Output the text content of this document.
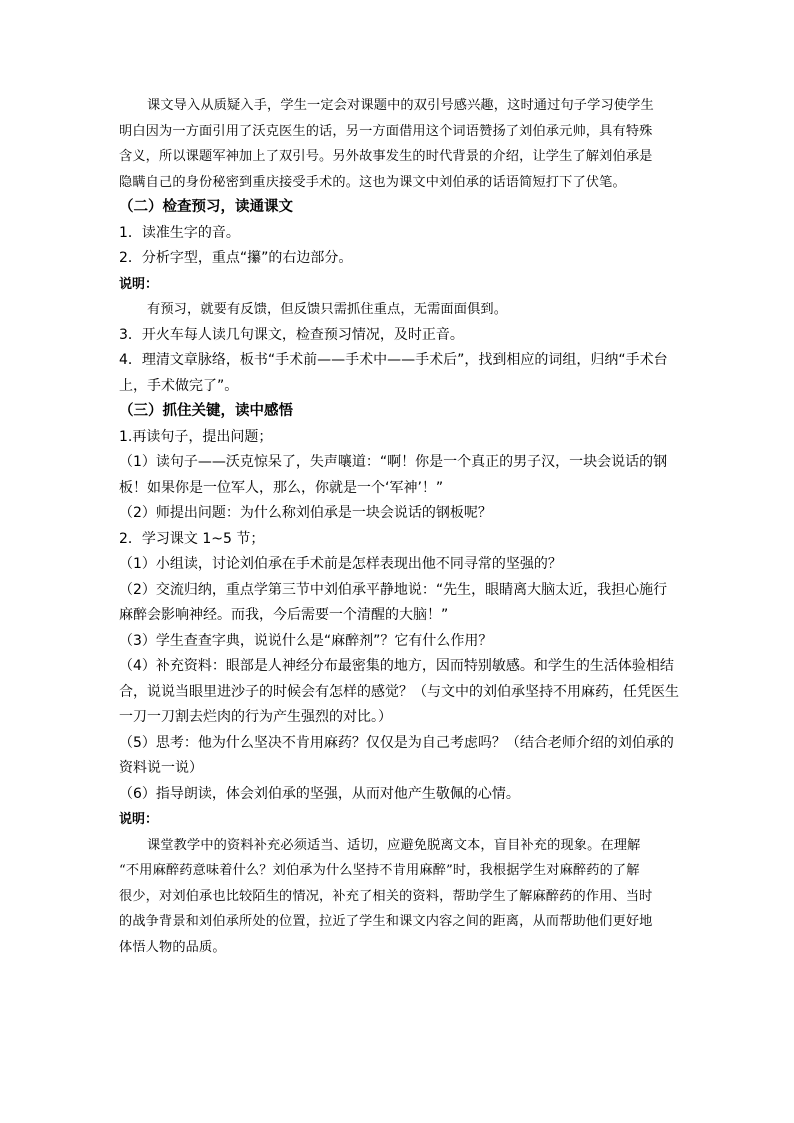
课文导入从质疑入手，学生一定会对课题中的双引号感兴趣，这时通过句子学习使学生
明白因为一方面引用了沃克医生的话，另一方面借用这个词语赞扬了刘伯承元帅，具有特殊
含义，所以课题军神加上了双引号。另外故事发生的时代背景的介绍，让学生了解刘伯承是
隐瞒自己的身份秘密到重庆接受手术的。这也为课文中刘伯承的话语简短打下了伏笔。
（二）检查预习，读通课文
1．读准生字的音。
2．分析字型，重点“攥”的右边部分。
说明：
有预习，就要有反馈，但反馈只需抓住重点，无需面面俱到。
3．开火车每人读几句课文，检查预习情况，及时正音。
4．理清文章脉络，板书“手术前——手术中——手术后”，找到相应的词组，归纳“手术台
上，手术做完了”。
（三）抓住关键，读中感悟
1.再读句子，提出问题；
（1）读句子——沃克惊呆了，失声嚷道：“啊！你是一个真正的男子汉，一块会说话的钢
板！如果你是一位军人，那么，你就是一个‘军神’！”
（2）师提出问题：为什么称刘伯承是一块会说话的钢板呢？
2．学习课文 1~5 节；
（1）小组读，讨论刘伯承在手术前是怎样表现出他不同寻常的坚强的？
（2）交流归纳，重点学第三节中刘伯承平静地说：“先生，眼睛离大脑太近，我担心施行
麻醉会影响神经。而我，今后需要一个清醒的大脑！”
（3）学生查查字典，说说什么是“麻醉剂”？它有什么作用？
（4）补充资料：眼部是人神经分布最密集的地方，因而特别敏感。和学生的生活体验相结
合，说说当眼里进沙子的时候会有怎样的感觉？（与文中的刘伯承坚持不用麻药，任凭医生
一刀一刀割去烂肉的行为产生强烈的对比。）
（5）思考：他为什么坚决不肯用麻药？仅仅是为自己考虑吗？（结合老师介绍的刘伯承的
资料说一说）
（6）指导朗读，体会刘伯承的坚强，从而对他产生敬佩的心情。
说明：
课堂教学中的资料补充必须适当、适切，应避免脱离文本，盲目补充的现象。在理解
“不用麻醉药意味着什么？刘伯承为什么坚持不肯用麻醉”时，我根据学生对麻醉药的了解
很少，对刘伯承也比较陌生的情况，补充了相关的资料，帮助学生了解麻醉药的作用、当时
的战争背景和刘伯承所处的位置，拉近了学生和课文内容之间的距离，从而帮助他们更好地
体悟人物的品质。
